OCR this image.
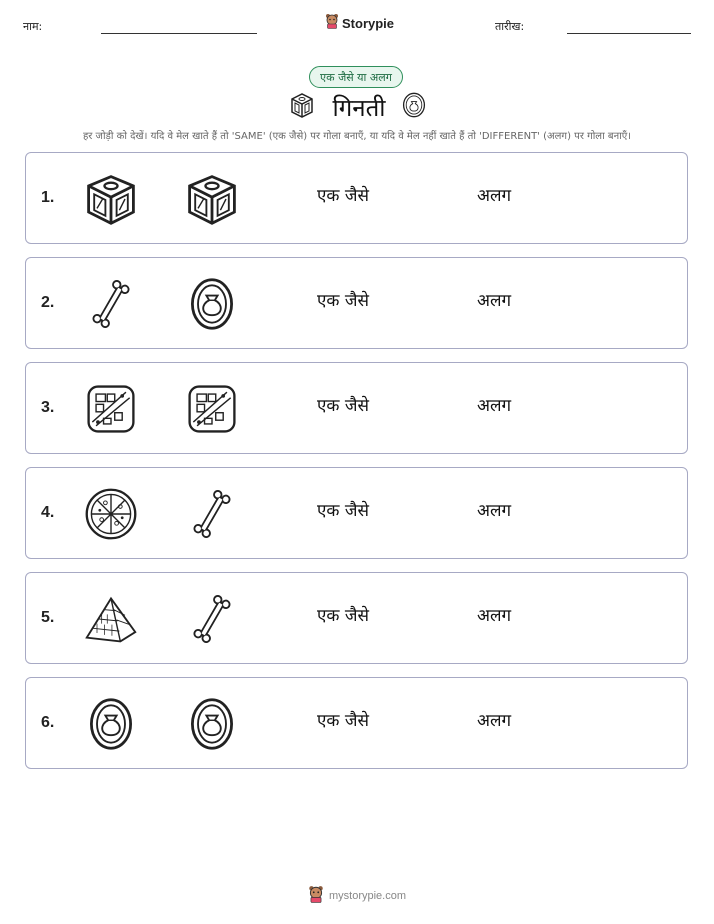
नाम:	Storypie	तारीख:
एक जैसे या अलग
गिनती
हर जोड़ी को देखें। यदि वे मेल खाते हैं तो 'SAME' (एक जैसे) पर गोला बनाएँ, या यदि वे मेल नहीं खाते हैं तो 'DIFFERENT' (अलग) पर गोला बनाएँ।
1.	एक जैसे	अलग
2.	एक जैसे	अलग
3.	एक जैसे	अलग
4.	एक जैसे	अलग
5.	एक जैसे	अलग
6.	एक जैसे	अलग
mystorypie.com
